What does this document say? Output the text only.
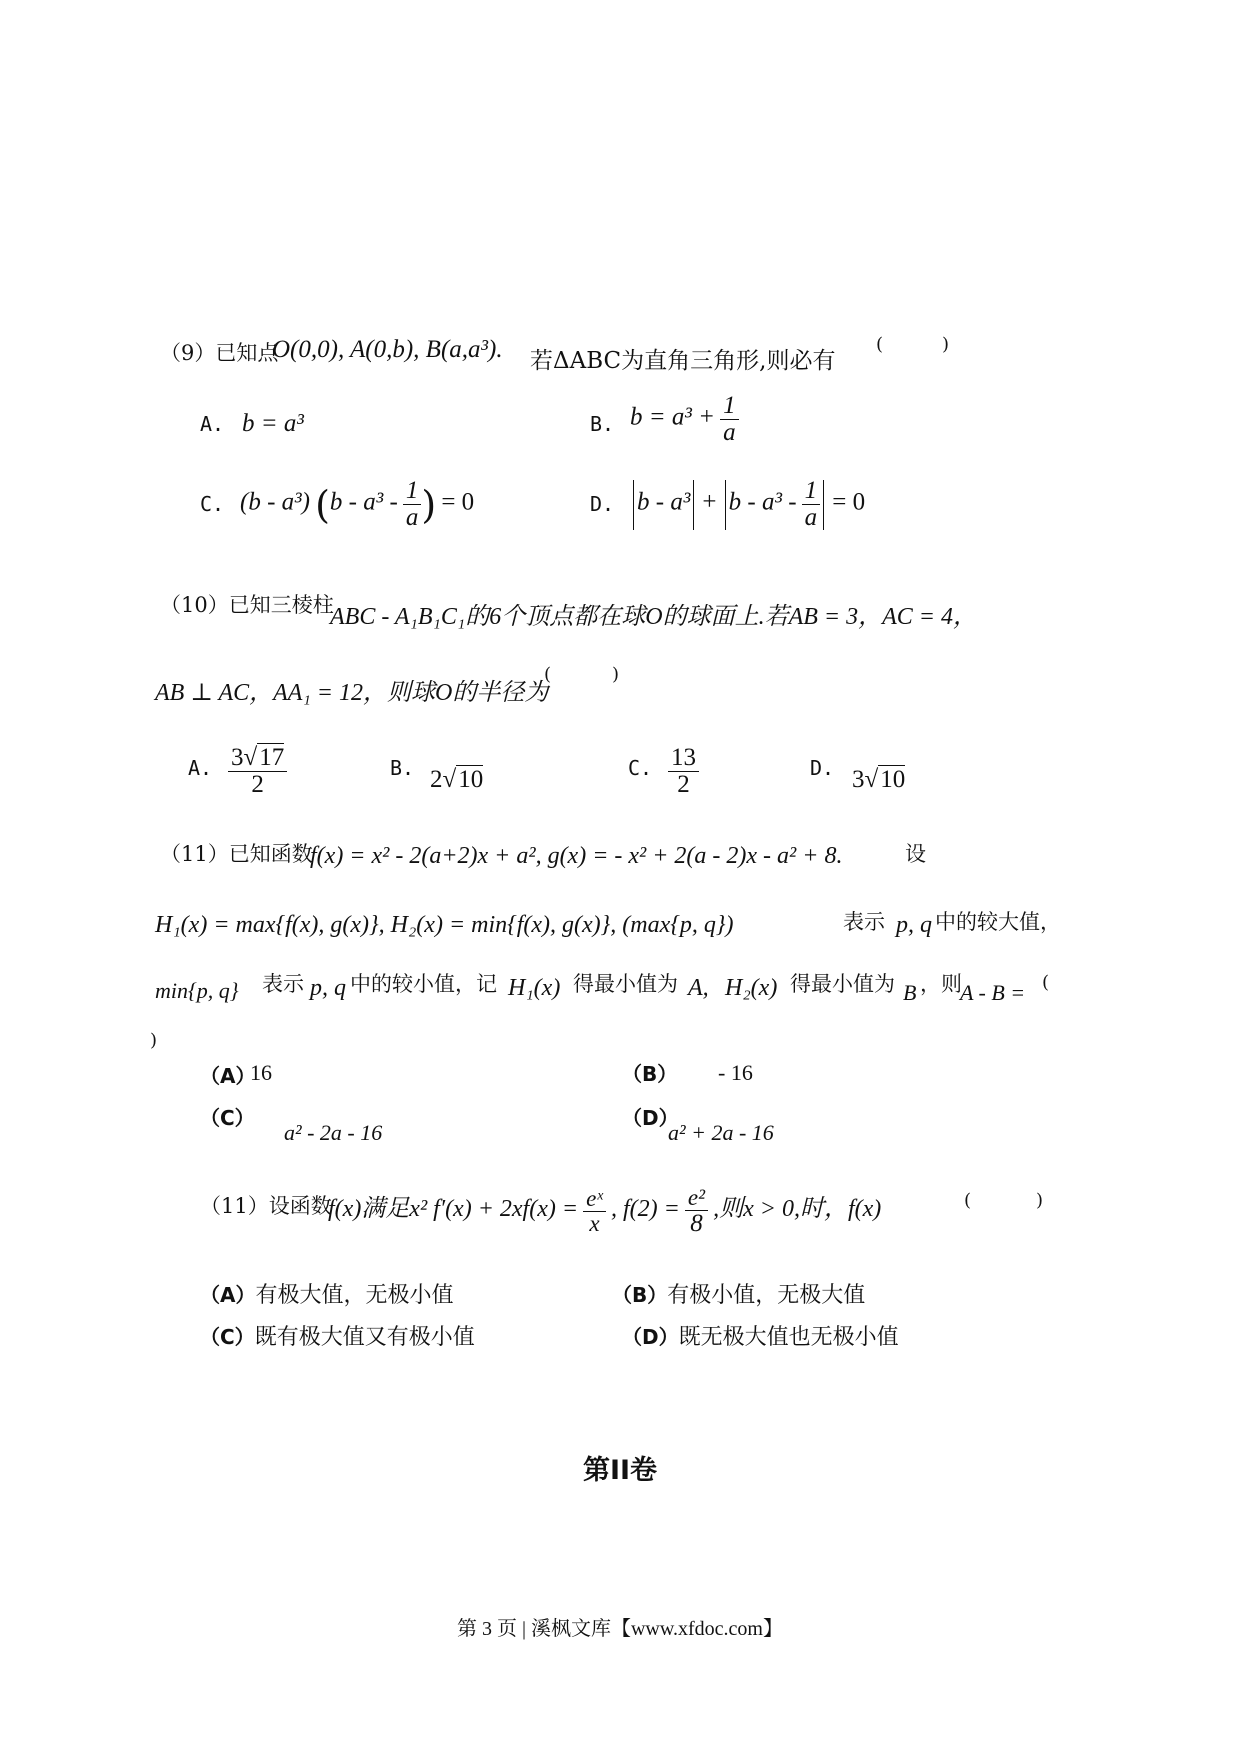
（9）已知点
O(0,0), A(0,b), B(a,a³). 若ΔABC为直角三角形,则必有
(	)
A. b = a³	B. $b = a^3 + \frac{1}{a}$
C. (b - a³) ($b - a^3 - \frac{1}{a}$ ) = 0	D. $b - a^3 + b - a^3 - \frac{1}{a} = 0$
（10）已知三棱柱
ABC - A₁B₁C₁的6个顶点都在球O的球面上.若AB = 3，AC = 4，
AB ⊥ AC，AA₁ = 12，则球O的半径为
(	)
A. $\frac{3√17}{2}$	B. 2√10	C. $\frac{13}{2}$	D. 3√10
（11）已知函数
f(x) = x² - 2(a+2)x + a², g(x) = - x² + 2(a - 2)x - a² + 8.	设
H₁(x) = max{f(x), g(x)}, H₂(x) = min{f(x), g(x)}, (max{p, q})	表示 p, q 中的较大值，
min{p, q} 表示 p, q 中的较小值，记 H₁(x) 得最小值为 A, H₂(x) 得最小值为 B ，则
A - B = (
)
（A）
16	（B） - 16
（C）
a² - 2a - 16
（D）
a² + 2a - 16
（11）设函数
f(x)满足x² $f'(x) + 2xf(x) = \frac{\text{eˣ}}{x}$ , $f(2) = \frac{\text{e²}}{8}$ ,则x > 0,时，f(x)	(	)
（A）有极大值，无极小值	（B）有极小值，无极大值
（C）既有极大值又有极小值	（D）既无极大值也无极小值
第II卷
第 3 页 | 溪枫文库【www.xfdoc.com】
